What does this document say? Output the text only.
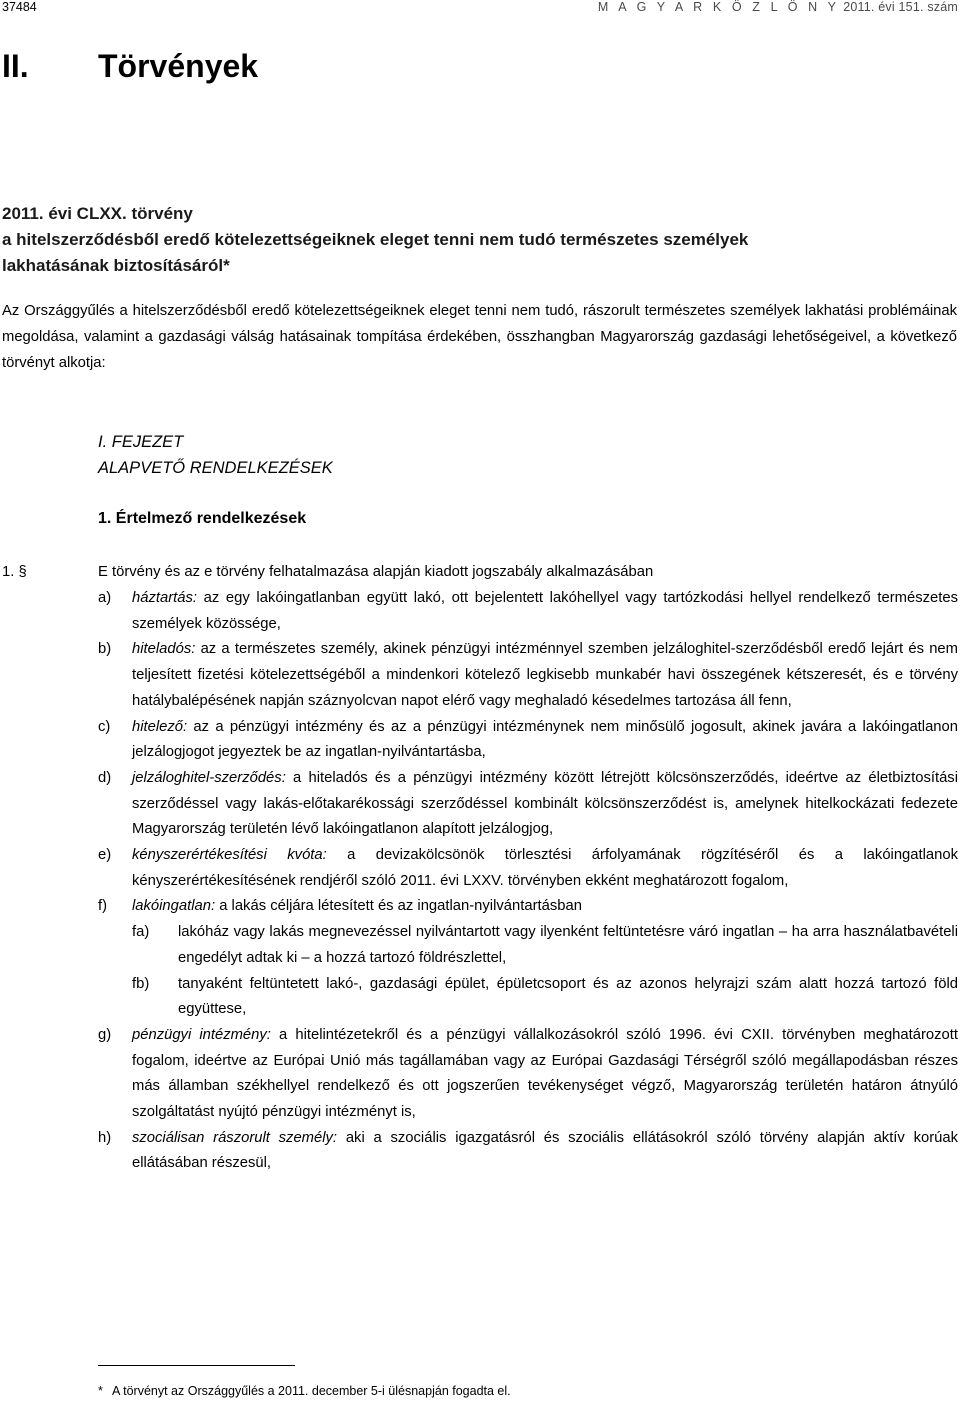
37484	M A G Y A R K Ö Z L Ö N Y 2011. évi 151. szám
II. Törvények
2011. évi CLXX. törvény
a hitelszerződésből eredő kötelezettségeiknek eleget tenni nem tudó természetes személyek
lakhatásának biztosításáról*
Az Országgyűlés a hitelszerződésből eredő kötelezettségeiknek eleget tenni nem tudó, rászorult természetes személyek lakhatási problémáinak megoldása, valamint a gazdasági válság hatásainak tompítása érdekében, összhangban Magyarország gazdasági lehetőségeivel, a következő törvényt alkotja:
I. FEJEZET
ALAPVETŐ RENDELKEZÉSEK
1. Értelmező rendelkezések
1. §	E törvény és az e törvény felhatalmazása alapján kiadott jogszabály alkalmazásában
a) háztartás: az egy lakóingatlanban együtt lakó, ott bejelentett lakóhellyel vagy tartózkodási hellyel rendelkező természetes személyek közössége,
b) hiteladós: az a természetes személy, akinek pénzügyi intézménnyel szemben jelzáloghitel-szerződésből eredő lejárt és nem teljesített fizetési kötelezettségéből a mindenkori kötelező legkisebb munkabér havi összegének kétszeresét, és e törvény hatálybalépésének napján száznyolcvan napot elérő vagy meghaladó késedelmes tartozása áll fenn,
c) hitelező: az a pénzügyi intézmény és az a pénzügyi intézménynek nem minősülő jogosult, akinek javára a lakóingatlanon jelzálogjogot jegyeztek be az ingatlan-nyilvántartásba,
d) jelzáloghitel-szerződés: a hiteladós és a pénzügyi intézmény között létrejött kölcsönszerződés, ideértve az életbiztosítási szerződéssel vagy lakás-előtakarékossági szerződéssel kombinált kölcsönszerződést is, amelynek hitelkockázati fedezete Magyarország területén lévő lakóingatlanon alapított jelzálogjog,
e) kényszerértékesítési kvóta: a devizakölcsönök törlesztési árfolyamának rögzítéséről és a lakóingatlanok kényszerértékesítésének rendjéről szóló 2011. évi LXXV. törvényben ekként meghatározott fogalom,
f) lakóingatlan: a lakás céljára létesített és az ingatlan-nyilvántartásban
fa) lakóház vagy lakás megnevezéssel nyilvántartott vagy ilyenként feltüntetésre váró ingatlan – ha arra használatbavételi engedélyt adtak ki – a hozzá tartozó földrészlettel,
fb) tanyaként feltüntetett lakó-, gazdasági épület, épületcsoport és az azonos helyrajzi szám alatt hozzá tartozó föld együttese,
g) pénzügyi intézmény: a hitelintézetekről és a pénzügyi vállalkozásokról szóló 1996. évi CXII. törvényben meghatározott fogalom, ideértve az Európai Unió más tagállamában vagy az Európai Gazdasági Térségről szóló megállapodásban részes más államban székhellyel rendelkező és ott jogszerűen tevékenységet végző, Magyarország területén határon átnyúló szolgáltatást nyújtó pénzügyi intézményt is,
h) szociálisan rászorult személy: aki a szociális igazgatásról és szociális ellátásokról szóló törvény alapján aktív korúak ellátásában részesül,
* A törvényt az Országgyűlés a 2011. december 5-i ülésnapján fogadta el.
